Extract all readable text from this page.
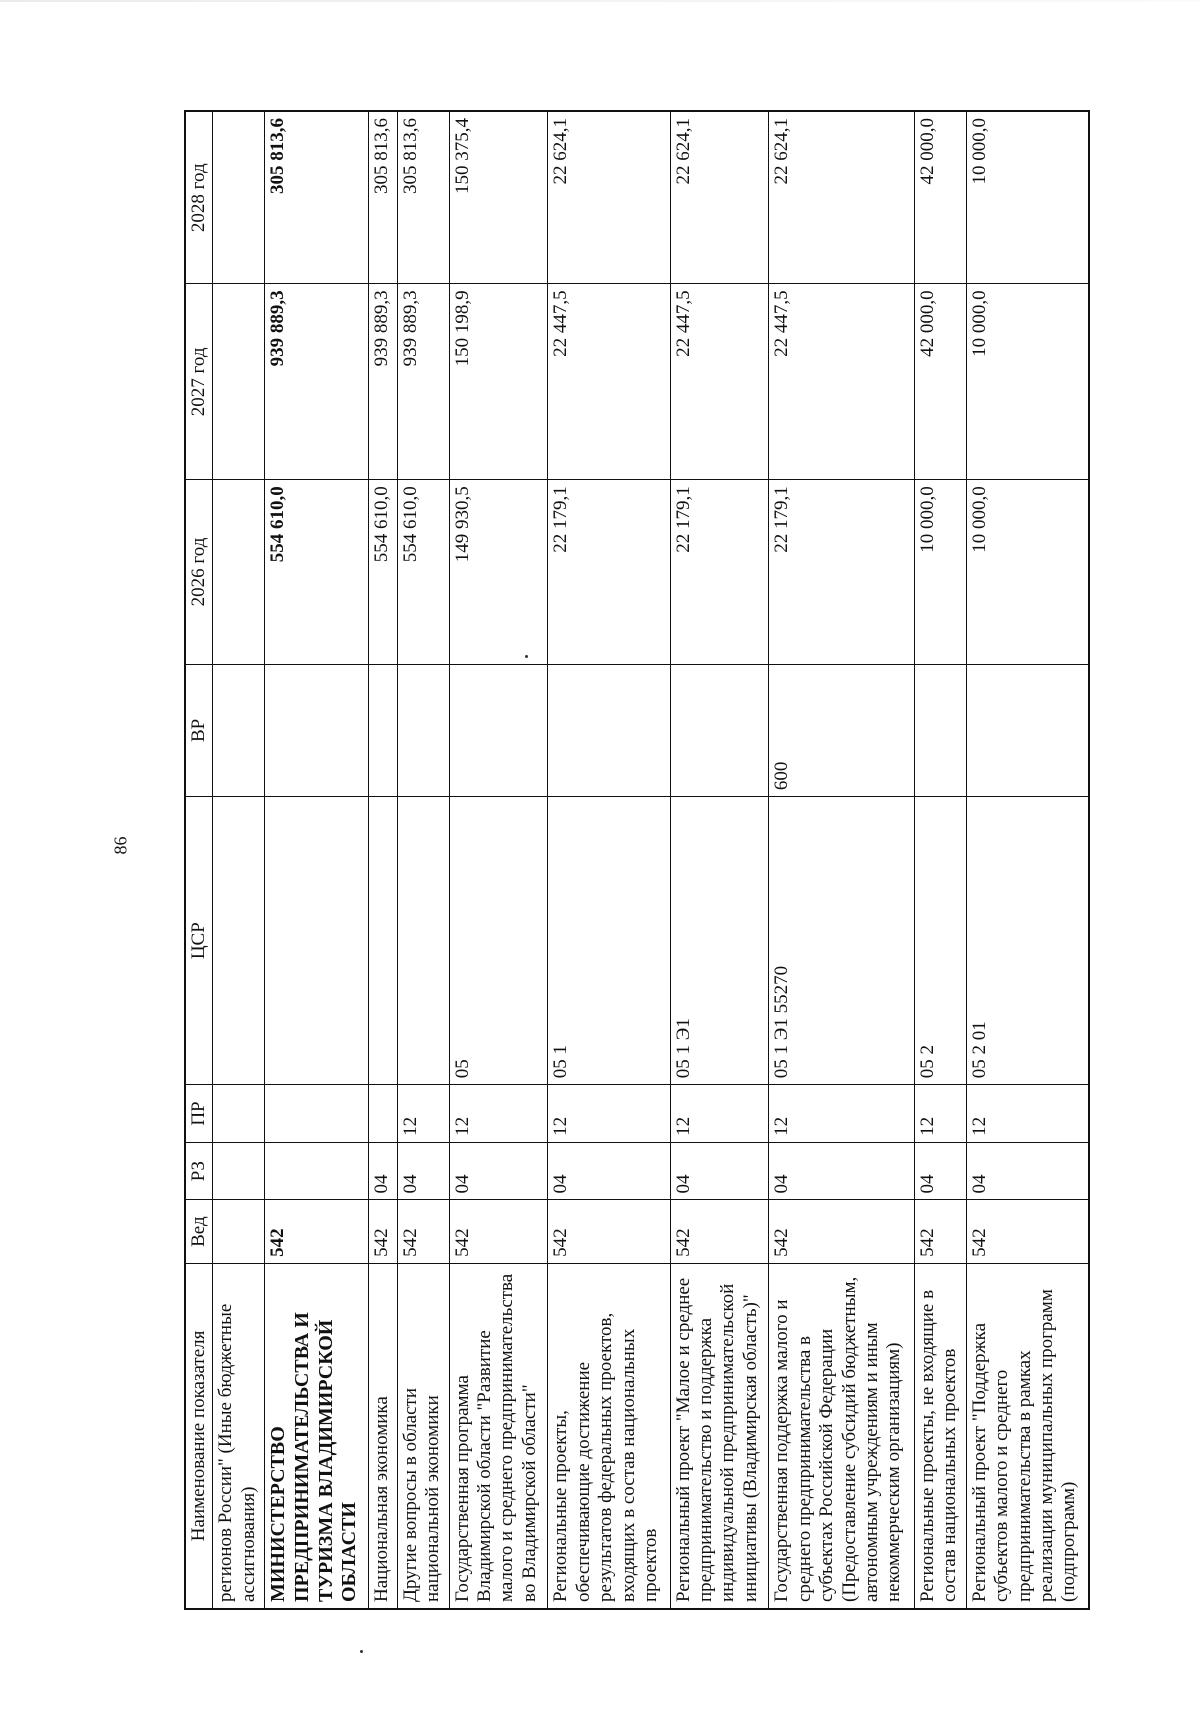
86
Наименование показателя	Вед	РЗ	ПР	ЦСР	ВР	2026 год	2027 год	2028 год
регионов России" (Иные бюджетные ассигнования)								
МИНИСТЕРСТВО ПРЕДПРИНИМАТЕЛЬСТВА И ТУРИЗМА ВЛАДИМИРСКОЙ ОБЛАСТИ	542					554 610,0	939 889,3	305 813,6
Национальная экономика	542	04				554 610,0	939 889,3	305 813,6
Другие вопросы в области национальной экономики	542	04	12			554 610,0	939 889,3	305 813,6
Государственная программа Владимирской области "Развитие малого и среднего предпринимательства во Владимирской области"	542	04	12	05		149 930,5	150 198,9	150 375,4
Региональные проекты, обеспечивающие достижение результатов федеральных проектов, входящих в состав национальных проектов	542	04	12	05 1		22 179,1	22 447,5	22 624,1
Региональный проект "Малое и среднее предпринимательство и поддержка индивидуальной предпринимательской инициативы (Владимирская область)"	542	04	12	05 1 Э1		22 179,1	22 447,5	22 624,1
Государственная поддержка малого и среднего предпринимательства в субъектах Российской Федерации (Предоставление субсидий бюджетным, автономным учреждениям и иным некоммерческим организациям)	542	04	12	05 1 Э1 55270	600	22 179,1	22 447,5	22 624,1
Региональные проекты, не входящие в состав национальных проектов	542	04	12	05 2		10 000,0	42 000,0	42 000,0
Региональный проект "Поддержка субъектов малого и среднего предпринимательства в рамках реализации муниципальных программ (подпрограмм)	542	04	12	05 2 01		10 000,0	10 000,0	10 000,0
